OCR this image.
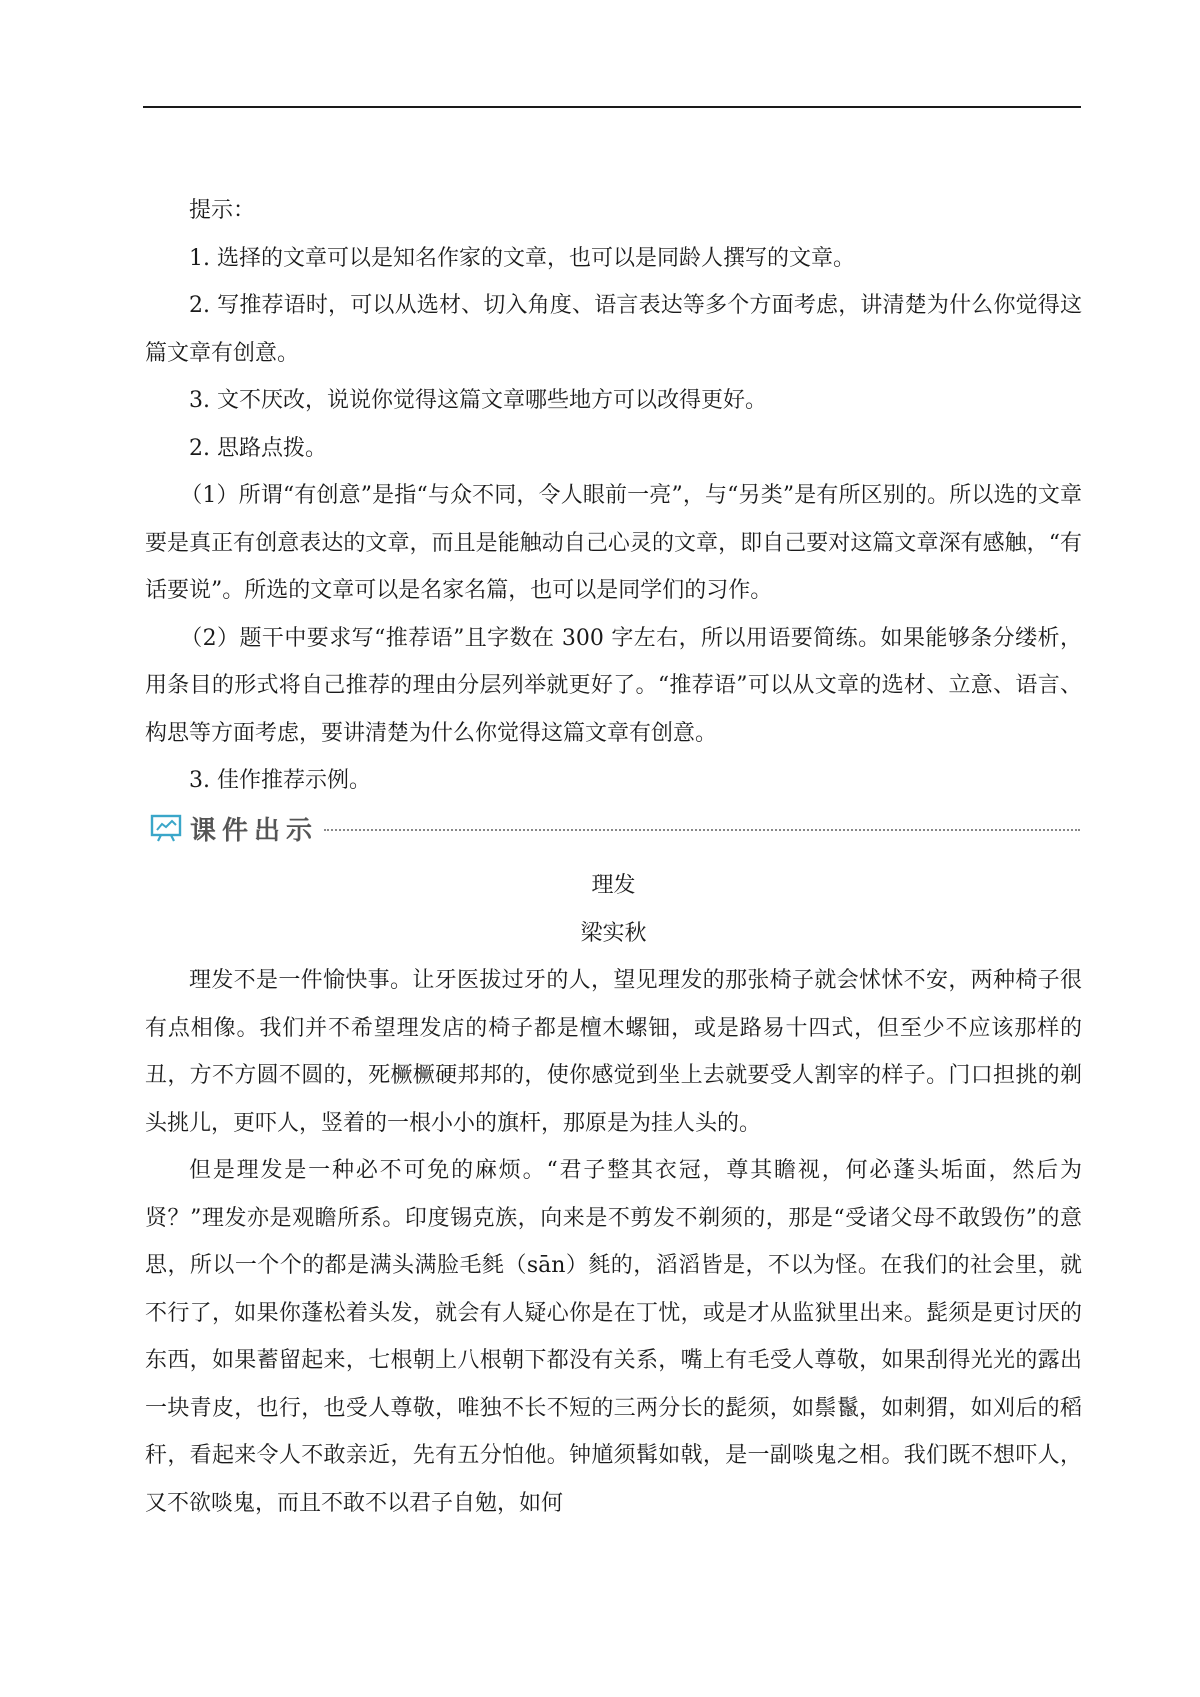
提示：

1. 选择的文章可以是知名作家的文章，也可以是同龄人撰写的文章。

2. 写推荐语时，可以从选材、切入角度、语言表达等多个方面考虑，讲清楚为什么你觉得这篇文章有创意。

3. 文不厌改，说说你觉得这篇文章哪些地方可以改得更好。

2. 思路点拨。

（1）所谓“有创意”是指“与众不同，令人眼前一亮”，与“另类”是有所区别的。所以选的文章要是真正有创意表达的文章，而且是能触动自己心灵的文章，即自己要对这篇文章深有感触，“有话要说”。所选的文章可以是名家名篇，也可以是同学们的习作。

（2）题干中要求写“推荐语”且字数在 300 字左右，所以用语要简练。如果能够条分缕析，用条目的形式将自己推荐的理由分层列举就更好了。“推荐语”可以从文章的选材、立意、语言、构思等方面考虑，要讲清楚为什么你觉得这篇文章有创意。

3. 佳作推荐示例。

课件出示

理发

梁实秋

理发不是一件愉快事。让牙医拔过牙的人，望见理发的那张椅子就会怵怵不安，两种椅子很有点相像。我们并不希望理发店的椅子都是檀木螺钿，或是路易十四式，但至少不应该那样的丑，方不方圆不圆的，死橛橛硬邦邦的，使你感觉到坐上去就要受人割宰的样子。门口担挑的剃头挑儿，更吓人，竖着的一根小小的旗杆，那原是为挂人头的。

但是理发是一种必不可免的麻烦。“君子整其衣冠，尊其瞻视，何必蓬头垢面，然后为贤？”理发亦是观瞻所系。印度锡克族，向来是不剪发不剃须的，那是“受诸父母不敢毁伤”的意思，所以一个个的都是满头满脸毛毵（sān）毵的，滔滔皆是，不以为怪。在我们的社会里，就不行了，如果你蓬松着头发，就会有人疑心你是在丁忧，或是才从监狱里出来。髭须是更讨厌的东西，如果蓄留起来，七根朝上八根朝下都没有关系，嘴上有毛受人尊敬，如果刮得光光的露出一块青皮，也行，也受人尊敬，唯独不长不短的三两分长的髭须，如鬃鬣，如刺猬，如刈后的稻秆，看起来令人不敢亲近，先有五分怕他。钟馗须髯如戟，是一副啖鬼之相。我们既不想吓人，又不欲啖鬼，而且不敢不以君子自勉，如何
